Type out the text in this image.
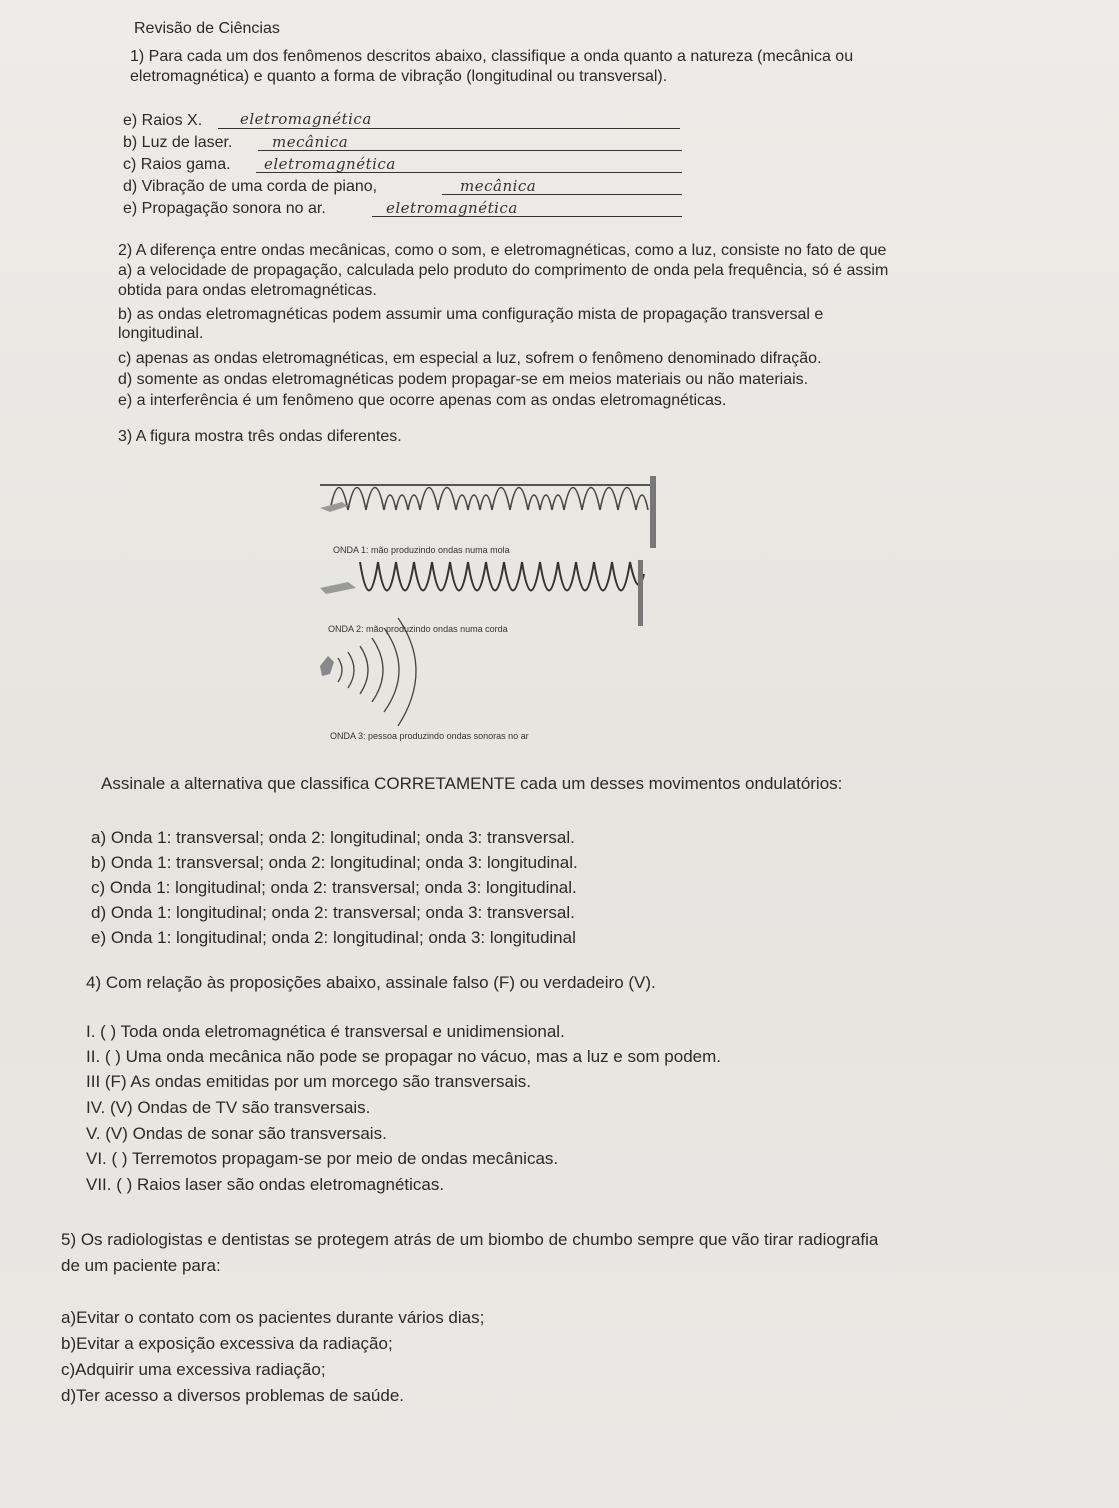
Revisão de Ciências
1) Para cada um dos fenômenos descritos abaixo, classifique a onda quanto a natureza (mecânica ou
eletromagnética) e quanto a forma de vibração (longitudinal ou transversal).
e) Raios X.	eletromagnética
b) Luz de laser.	mecânica
c) Raios gama. eletromagnética
d) Vibração de uma corda de piano,	mecânica
e) Propagação sonora no ar.	eletromagnética
2) A diferença entre ondas mecânicas, como o som, e eletromagnéticas, como a luz, consiste no fato de que
a) a velocidade de propagação, calculada pelo produto do comprimento de onda pela frequência, só é assim
obtida para ondas eletromagnéticas.
b) as ondas eletromagnéticas podem assumir uma configuração mista de propagação transversal e
longitudinal.
c) apenas as ondas eletromagnéticas, em especial a luz, sofrem o fenômeno denominado difração.
d) somente as ondas eletromagnéticas podem propagar-se em meios materiais ou não materiais.
e) a interferência é um fenômeno que ocorre apenas com as ondas eletromagnéticas.
3) A figura mostra três ondas diferentes.
ONDA 1: mão produzindo ondas numa mola
ONDA 2: mão produzindo ondas numa corda
ONDA 3: pessoa produzindo ondas sonoras no ar
Assinale a alternativa que classifica CORRETAMENTE cada um desses movimentos ondulatórios:
a) Onda 1: transversal; onda 2: longitudinal; onda 3: transversal.
b) Onda 1: transversal; onda 2: longitudinal; onda 3: longitudinal.
c) Onda 1: longitudinal; onda 2: transversal; onda 3: longitudinal.
d) Onda 1: longitudinal; onda 2: transversal; onda 3: transversal.
e) Onda 1: longitudinal; onda 2: longitudinal; onda 3: longitudinal
4) Com relação às proposições abaixo, assinale falso (F) ou verdadeiro (V).
I. ( ) Toda onda eletromagnética é transversal e unidimensional.
II. ( ) Uma onda mecânica não pode se propagar no vácuo, mas a luz e som podem.
III (F) As ondas emitidas por um morcego são transversais.
IV. (V) Ondas de TV são transversais.
V. (V) Ondas de sonar são transversais.
VI. ( ) Terremotos propagam-se por meio de ondas mecânicas.
VII. ( ) Raios laser são ondas eletromagnéticas.
5) Os radiologistas e dentistas se protegem atrás de um biombo de chumbo sempre que vão tirar radiografia
de um paciente para:
a)Evitar o contato com os pacientes durante vários dias;
b)Evitar a exposição excessiva da radiação;
c)Adquirir uma excessiva radiação;
d)Ter acesso a diversos problemas de saúde.
